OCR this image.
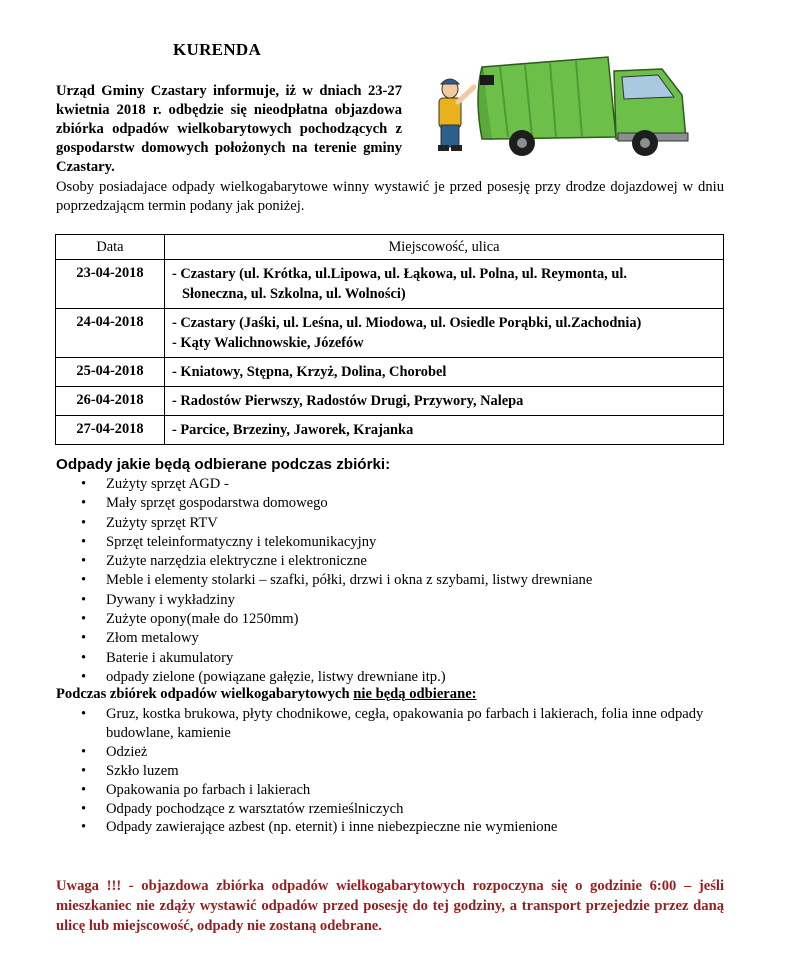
KURENDA
Urząd Gminy Czastary informuje, iż w dniach 23-27 kwietnia 2018 r. odbędzie się nieodpłatna objazdowa zbiórka odpadów wielkobarytowych pochodzących z gospodarstw domowych położonych na terenie gminy Czastary.
Osoby posiadajace odpady wielkogabarytowe winny wystawić je przed posesję przy drodze dojazdowej w dniu poprzedzającm termin podany jak poniżej.
Data	Miejscowość, ulica
23-04-2018	- Czastary (ul. Krótka, ul.Lipowa, ul. Łąkowa, ul. Polna, ul. Reymonta, ul.
Słoneczna, ul. Szkolna, ul. Wolności)

24-04-2018	- Czastary (Jaśki, ul. Leśna, ul. Miodowa, ul. Osiedle Porąbki, ul.Zachodnia)
- Kąty Walichnowskie, Józefów

25-04-2018	- Kniatowy, Stępna, Krzyż, Dolina, Chorobel

26-04-2018	- Radostów Pierwszy, Radostów Drugi, Przywory, Nalepa

27-04-2018	- Parcice, Brzeziny, Jaworek, Krajanka
Odpady jakie będą odbierane podczas zbiórki:
• Zużyty sprzęt AGD -
• Mały sprzęt gospodarstwa domowego
• Zużyty sprzęt RTV
• Sprzęt teleinformatyczny i telekomunikacyjny
• Zużyte narzędzia elektryczne i elektroniczne
• Meble i elementy stolarki – szafki, półki, drzwi i okna z szybami, listwy drewniane
• Dywany i wykładziny
• Zużyte opony(małe do 1250mm)
• Złom metalowy
• Baterie i akumulatory
• odpady zielone (powiązane gałęzie, listwy drewniane itp.)
Podczas zbiórek odpadów wielkogabarytowych nie będą odbierane:
• Gruz, kostka brukowa, płyty chodnikowe, cegła, opakowania po farbach i lakierach, folia inne odpady budowlane, kamienie
• Odzież
• Szkło luzem
• Opakowania po farbach i lakierach
• Odpady pochodzące z warsztatów rzemieślniczych
• Odpady zawierające azbest (np. eternit) i inne niebezpieczne nie wymienione
Uwaga !!! - objazdowa zbiórka odpadów wielkogabarytowych rozpoczyna się o godzinie 6:00 – jeśli mieszkaniec nie zdąży wystawić odpadów przed posesję do tej godziny, a transport przejedzie przez daną ulicę lub miejscowość, odpady nie zostaną odebrane.
